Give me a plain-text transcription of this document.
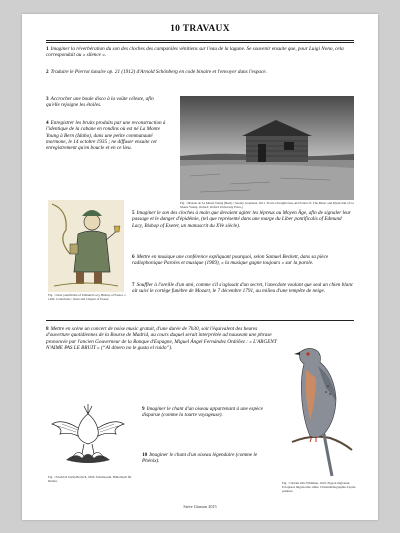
10 TRAVAUX

1 Imaginer la réverbération du son des cloches des campaniles vénitiens sur l'eau de la lagune. Se souvenir ensuite que, pour Luigi Nono, cela correspondait au « silence ».

2 Traduire le Pierrot lunaire op. 21 (1912) d'Arnold Schönberg en code binaire et l'envoyer dans l'espace.

3 Accrocher une boule disco à la voûte céleste, afin qu'elle rejoigne les étoiles.

4 Enregistrer les bruits produits par une reconstruction à l'identique de la cabane en rondins où est né La Monte Young à Bern (Idaho), dans une petite communauté mormone, le 14 octobre 1935 ; ne diffuser ensuite cet enregistrement qu'en boucle et en ce lieu.

Fig. : Maison de La Monte Young (Bern) / Jeremy Grandson, 2011. From a Straight Line and Follow It: The Music and Mysticism of La Monte Young. Oxford: Oxford University Press.)

Fig. : Liber pontificalis of Edmund Lacy, Bishop of Exeter, c. 1400. Collections : Dean and Chapter of Exeter.

5 Imaginer le son des cloches à main que devaient agiter les lépreux au Moyen Âge, afin de signaler leur passage et le danger d'épidémie, (tel que représenté dans une marge du Liber pontificalis of Edmund Lacy, Bishop of Exeter, un manuscrit du XVe siècle).

6 Mettre en musique une conférence expliquant pourquoi, selon Samuel Beckett, dans sa pièce radiophonique Paroles et musique (1969), « la musique gagne toujours » sur la parole.

7 Souffler à l'oreille d'un ami, comme s'il s'agissait d'un secret, l'anecdote voulant que seul un chien blanc ait suivi le cortège funèbre de Mozart, le 7 décembre 1791, au milieu d'une tempête de neige.

8 Mettre en scène un concert de noise music gratuit, d'une durée de 7h30, soit l'équivalent des heures d'ouverture quotidiennes de la Bourse de Madrid, au cours duquel serait interprétée ad nauseam une phrase prononcée par l'ancien Gouverneur de la Banque d'Espagne, Miguel Ángel Fernández Ordóñez : « L'ARGENT N'AIME PAS LE BRUIT » (“Al dinero no le gusta el ruido”).

Fig. : Friedrich Justin Bertuch. 1806. Tabelnorum. Bilderbuch für Kinder.

9 Imaginer le chant d'un oiseau appartenant à une espèce disparue (comme la tourte voyageuse).

10 Imaginer le chant d'un oiseau légendaire (comme le Phénix).

Fig. : Charles Otis Whitman, 1919. Pigeon migrateur, Ectopistes migratorius, mâle. Chromolithographie d'après peinture.

Steve Giasson 2015
